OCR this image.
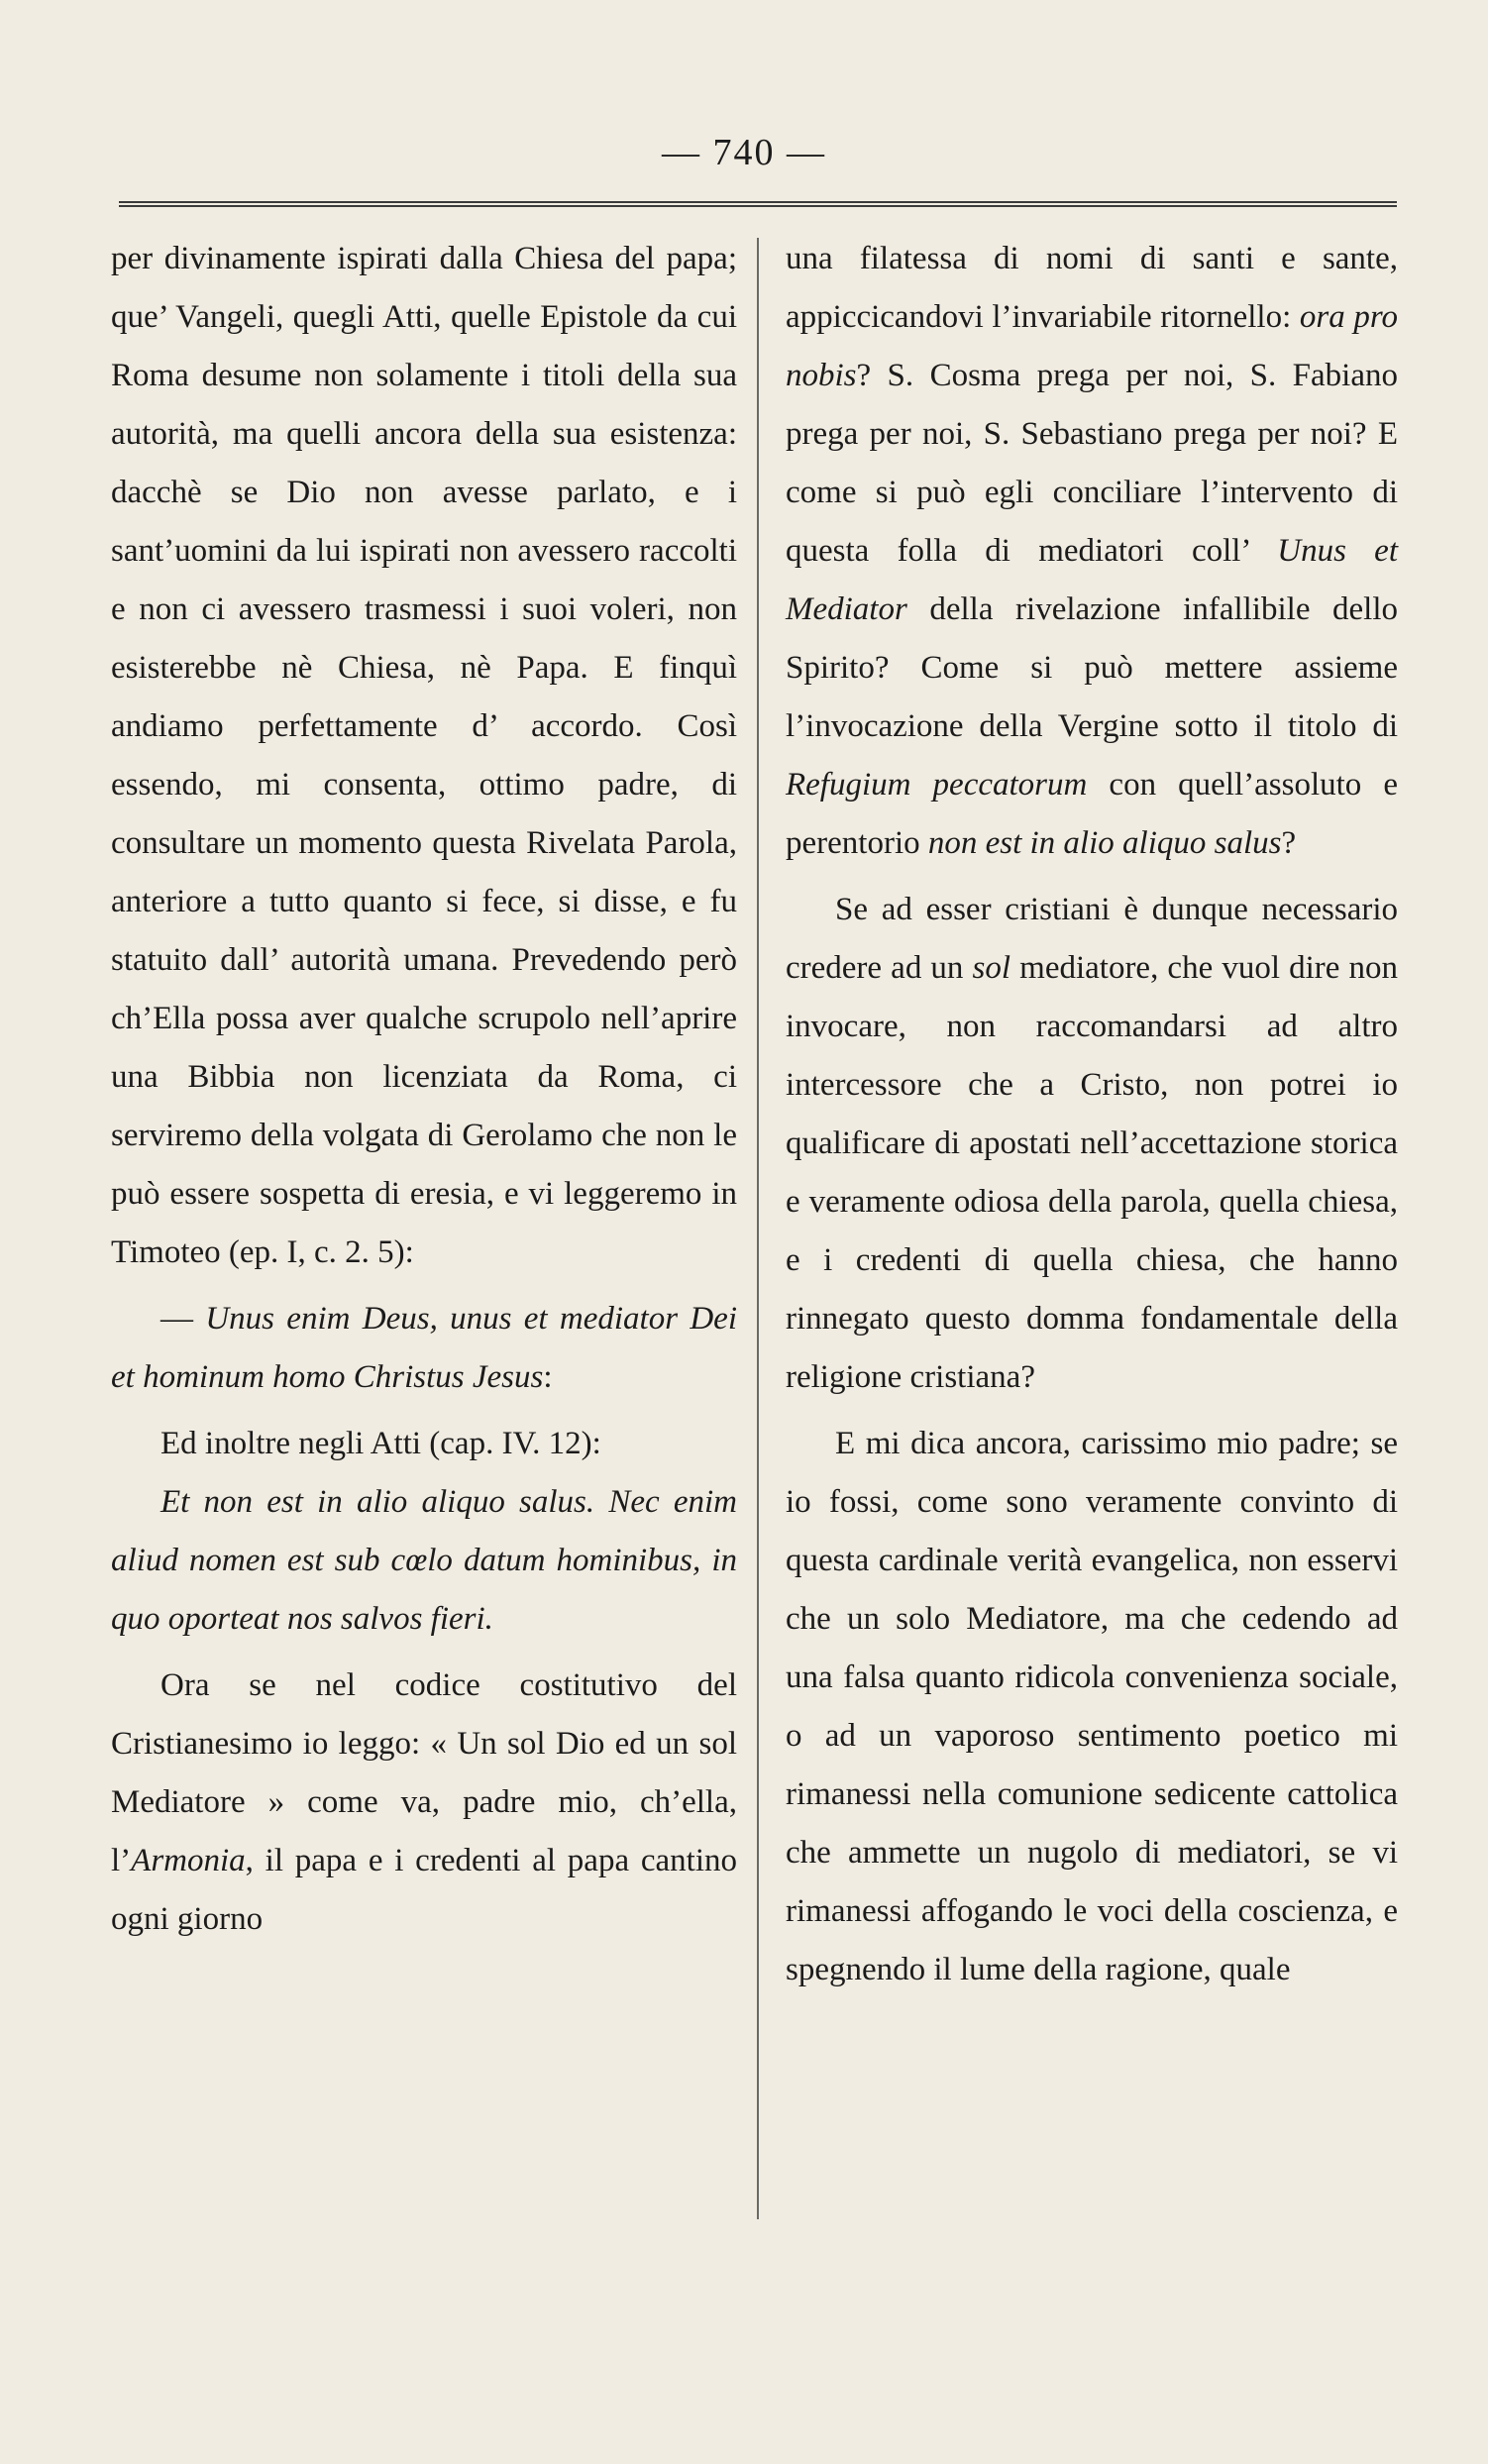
— 740 —

per divinamente ispirati dalla Chiesa del papa; que’ Vangeli, quegli Atti, quelle Epistole da cui Roma desume non solamente i titoli della sua autorità, ma quelli ancora della sua esistenza: dacchè se Dio non avesse parlato, e i sant’uomini da lui ispirati non avessero raccolti e non ci avessero trasmessi i suoi voleri, non esisterebbe nè Chiesa, nè Papa. E finquì andiamo perfettamente d’ accordo. Così essendo, mi consenta, ottimo padre, di consultare un momento questa Rivelata Parola, anteriore a tutto quanto si fece, si disse, e fu statuito dall’ autorità umana. Prevedendo però ch’Ella possa aver qualche scrupolo nell’aprire una Bibbia non licenziata da Roma, ci serviremo della volgata di Gerolamo che non le può essere sospetta di eresia, e vi leggeremo in Timoteo (ep. I, c. 2. 5):

— Unus enim Deus, unus et mediator Dei et hominum homo Christus Jesus:

Ed inoltre negli Atti (cap. IV. 12):

Et non est in alio aliquo salus. Nec enim aliud nomen est sub cœlo datum hominibus, in quo oporteat nos salvos fieri.

Ora se nel codice costitutivo del Cristianesimo io leggo: « Un sol Dio ed un sol Mediatore » come va, padre mio, ch’ella, l’Armonia, il papa e i credenti al papa cantino ogni giorno

una filatessa di nomi di santi e sante, appiccicandovi l’invariabile ritornello: ora pro nobis? S. Cosma prega per noi, S. Fabiano prega per noi, S. Sebastiano prega per noi? E come si può egli conciliare l’intervento di questa folla di mediatori coll’ Unus et Mediator della rivelazione infallibile dello Spirito? Come si può mettere assieme l’invocazione della Vergine sotto il titolo di Refugium peccatorum con quell’assoluto e perentorio non est in alio aliquo salus?

Se ad esser cristiani è dunque necessario credere ad un sol mediatore, che vuol dire non invocare, non raccomandarsi ad altro intercessore che a Cristo, non potrei io qualificare di apostati nell’accettazione storica e veramente odiosa della parola, quella chiesa, e i credenti di quella chiesa, che hanno rinnegato questo domma fondamentale della religione cristiana?

E mi dica ancora, carissimo mio padre; se io fossi, come sono veramente convinto di questa cardinale verità evangelica, non esservi che un solo Mediatore, ma che cedendo ad una falsa quanto ridicola convenienza sociale, o ad un vaporoso sentimento poetico mi rimanessi nella comunione sedicente cattolica che ammette un nugolo di mediatori, se vi rimanessi affogando le voci della coscienza, e spegnendo il lume della ragione, quale
